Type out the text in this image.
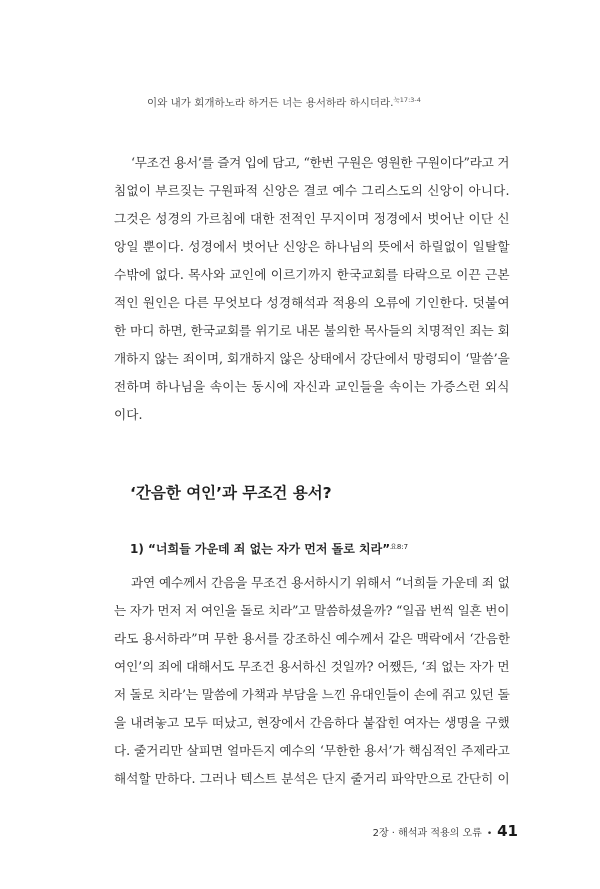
이와 내가 회개하노라 하거든 너는 용서하라 하시더라.$^{눅17:3-4}$
‘무조건 용서’를 즐겨 입에 담고, “한번 구원은 영원한 구원이다”라고 거
침없이 부르짖는 구원파적 신앙은 결코 예수 그리스도의 신앙이 아니다.
그것은 성경의 가르침에 대한 전적인 무지이며 정경에서 벗어난 이단 신
앙일 뿐이다. 성경에서 벗어난 신앙은 하나님의 뜻에서 하릴없이 일탈할
수밖에 없다. 목사와 교인에 이르기까지 한국교회를 타락으로 이끈 근본
적인 원인은 다른 무엇보다 성경해석과 적용의 오류에 기인한다. 덧붙여
한 마디 하면, 한국교회를 위기로 내몬 불의한 목사들의 치명적인 죄는 회
개하지 않는 죄이며, 회개하지 않은 상태에서 강단에서 망령되이 ‘말씀’을
전하며 하나님을 속이는 동시에 자신과 교인들을 속이는 가증스런 외식
이다.
‘간음한 여인’과 무조건 용서?
1) “너희들 가운데 죄 없는 자가 먼저 돌로 치라”$^{요8:7}$
과연 예수께서 간음을 무조건 용서하시기 위해서 “너희들 가운데 죄 없
는 자가 먼저 저 여인을 돌로 치라”고 말씀하셨을까? “일곱 번씩 일흔 번이
라도 용서하라”며 무한 용서를 강조하신 예수께서 같은 맥락에서 ‘간음한
여인’의 죄에 대해서도 무조건 용서하신 것일까? 어쨌든, ‘죄 없는 자가 먼
저 돌로 치라’는 말씀에 가책과 부담을 느낀 유대인들이 손에 쥐고 있던 돌
을 내려놓고 모두 떠났고, 현장에서 간음하다 붙잡힌 여자는 생명을 구했
다. 줄거리만 살피면 얼마든지 예수의 ‘무한한 용서’가 핵심적인 주제라고
해석할 만하다. 그러나 텍스트 분석은 단지 줄거리 파악만으로 간단히 이
2장 · 해석과 적용의 오류 • 41
